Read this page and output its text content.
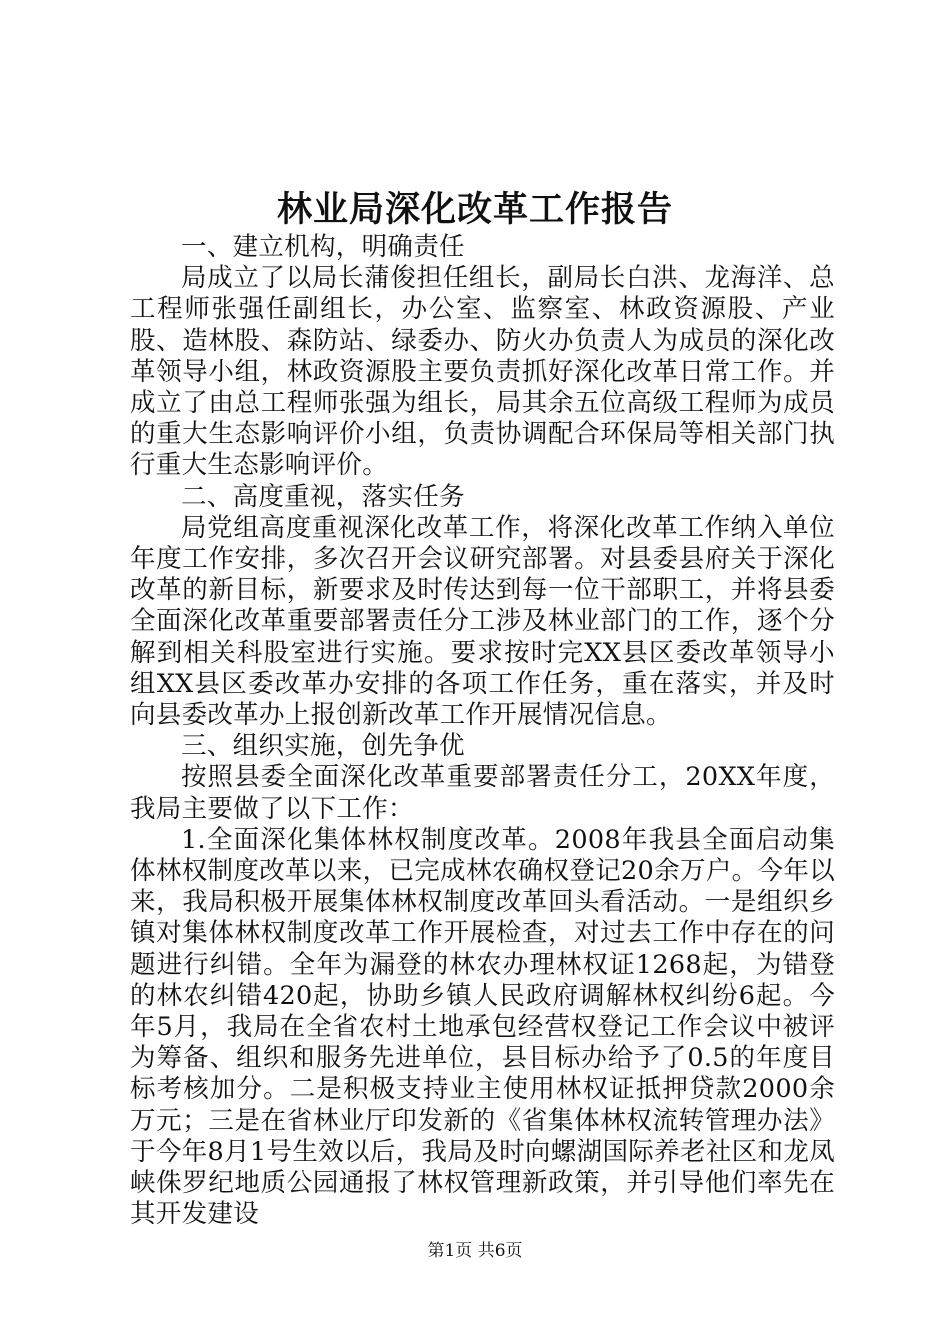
林业局深化改革工作报告

一、建立机构，明确责任

局成立了以局长蒲俊担任组长，副局长白洪、龙海洋、总工程师张强任副组长，办公室、监察室、林政资源股、产业股、造林股、森防站、绿委办、防火办负责人为成员的深化改革领导小组，林政资源股主要负责抓好深化改革日常工作。并成立了由总工程师张强为组长，局其余五位高级工程师为成员的重大生态影响评价小组，负责协调配合环保局等相关部门执行重大生态影响评价。

二、高度重视，落实任务

局党组高度重视深化改革工作，将深化改革工作纳入单位年度工作安排，多次召开会议研究部署。对县委县府关于深化改革的新目标，新要求及时传达到每一位干部职工，并将县委全面深化改革重要部署责任分工涉及林业部门的工作，逐个分解到相关科股室进行实施。要求按时完XX县区委改革领导小组XX县区委改革办安排的各项工作任务，重在落实，并及时向县委改革办上报创新改革工作开展情况信息。

三、组织实施，创先争优

按照县委全面深化改革重要部署责任分工，20XX年度，我局主要做了以下工作：

1.全面深化集体林权制度改革。2008年我县全面启动集体林权制度改革以来，已完成林农确权登记20余万户。今年以来，我局积极开展集体林权制度改革回头看活动。一是组织乡镇对集体林权制度改革工作开展检查，对过去工作中存在的问题进行纠错。全年为漏登的林农办理林权证1268起，为错登的林农纠错420起，协助乡镇人民政府调解林权纠纷6起。今年5月，我局在全省农村土地承包经营权登记工作会议中被评为筹备、组织和服务先进单位，县目标办给予了0.5的年度目标考核加分。二是积极支持业主使用林权证抵押贷款2000余万元；三是在省林业厅印发新的《省集体林权流转管理办法》于今年8月1号生效以后，我局及时向螺湖国际养老社区和龙凤峡侏罗纪地质公园通报了林权管理新政策，并引导他们率先在其开发建设

第1页 共6页
